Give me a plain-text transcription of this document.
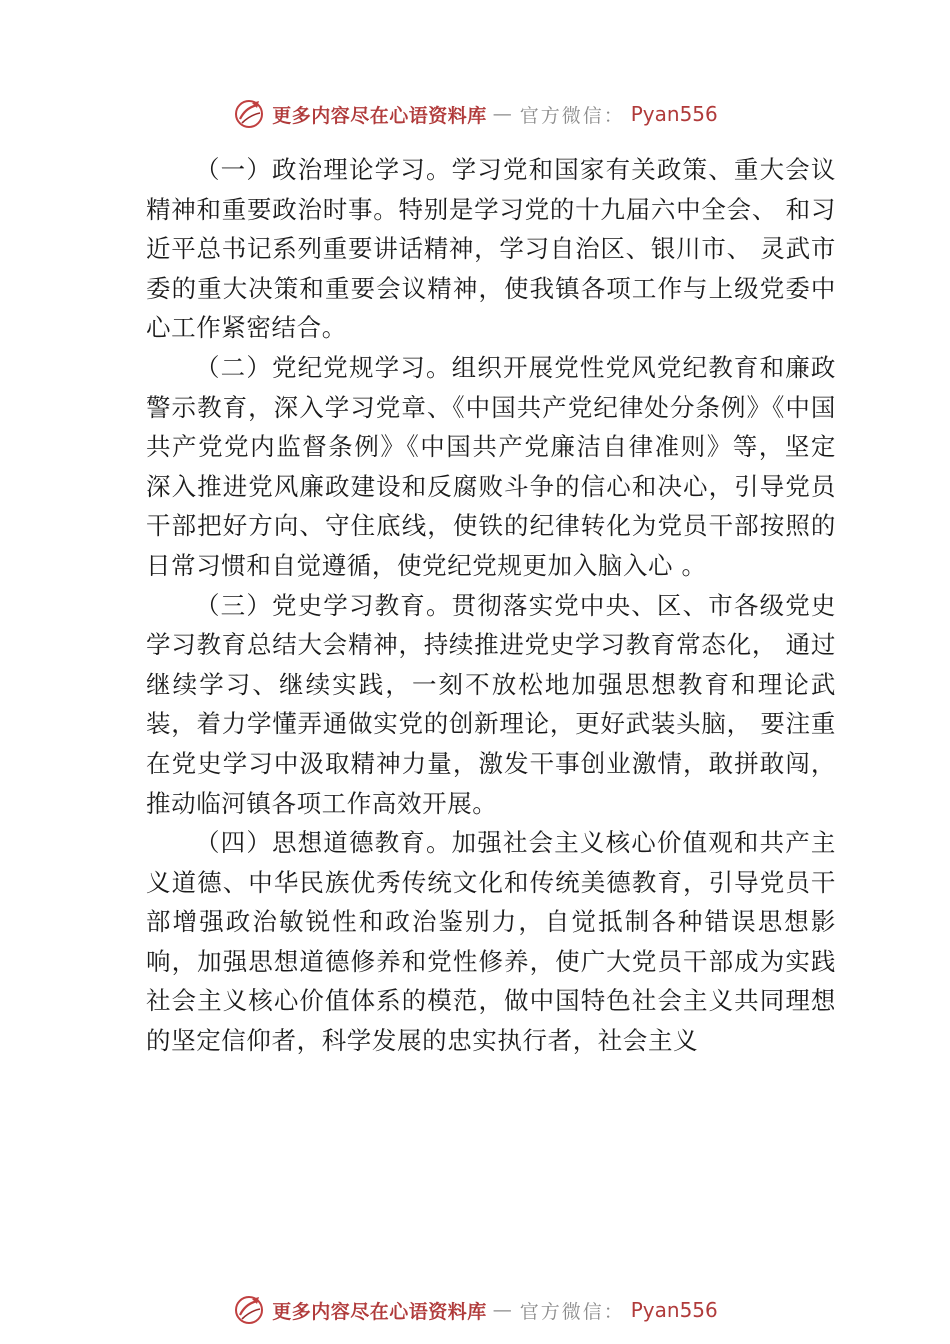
更多内容尽在心语资料库 — 官方微信： Pyan556

（一）政治理论学习。学习党和国家有关政策、重大会议精神和重要政治时事。特别是学习党的十九届六中全会、 和习近平总书记系列重要讲话精神，学习自治区、银川市、 灵武市委的重大决策和重要会议精神，使我镇各项工作与上级党委中心工作紧密结合。

（二）党纪党规学习。组织开展党性党风党纪教育和廉政警示教育，深入学习党章、《中国共产党纪律处分条例》《中国共产党党内监督条例》《中国共产党廉洁自律准则》等，坚定深入推进党风廉政建设和反腐败斗争的信心和决心，引导党员干部把好方向、守住底线，使铁的纪律转化为党员干部按照的日常习惯和自觉遵循，使党纪党规更加入脑入心 。

（三）党史学习教育。贯彻落实党中央、区、市各级党史学习教育总结大会精神，持续推进党史学习教育常态化， 通过继续学习、继续实践，一刻不放松地加强思想教育和理论武装，着力学懂弄通做实党的创新理论，更好武装头脑， 要注重在党史学习中汲取精神力量，激发干事创业激情，敢拼敢闯，推动临河镇各项工作高效开展。

（四）思想道德教育。加强社会主义核心价值观和共产主义道德、中华民族优秀传统文化和传统美德教育，引导党员干部增强政治敏锐性和政治鉴别力，自觉抵制各种错误思想影响，加强思想道德修养和党性修养，使广大党员干部成为实践社会主义核心价值体系的模范，做中国特色社会主义共同理想的坚定信仰者，科学发展的忠实执行者，社会主义

更多内容尽在心语资料库 — 官方微信： Pyan556
